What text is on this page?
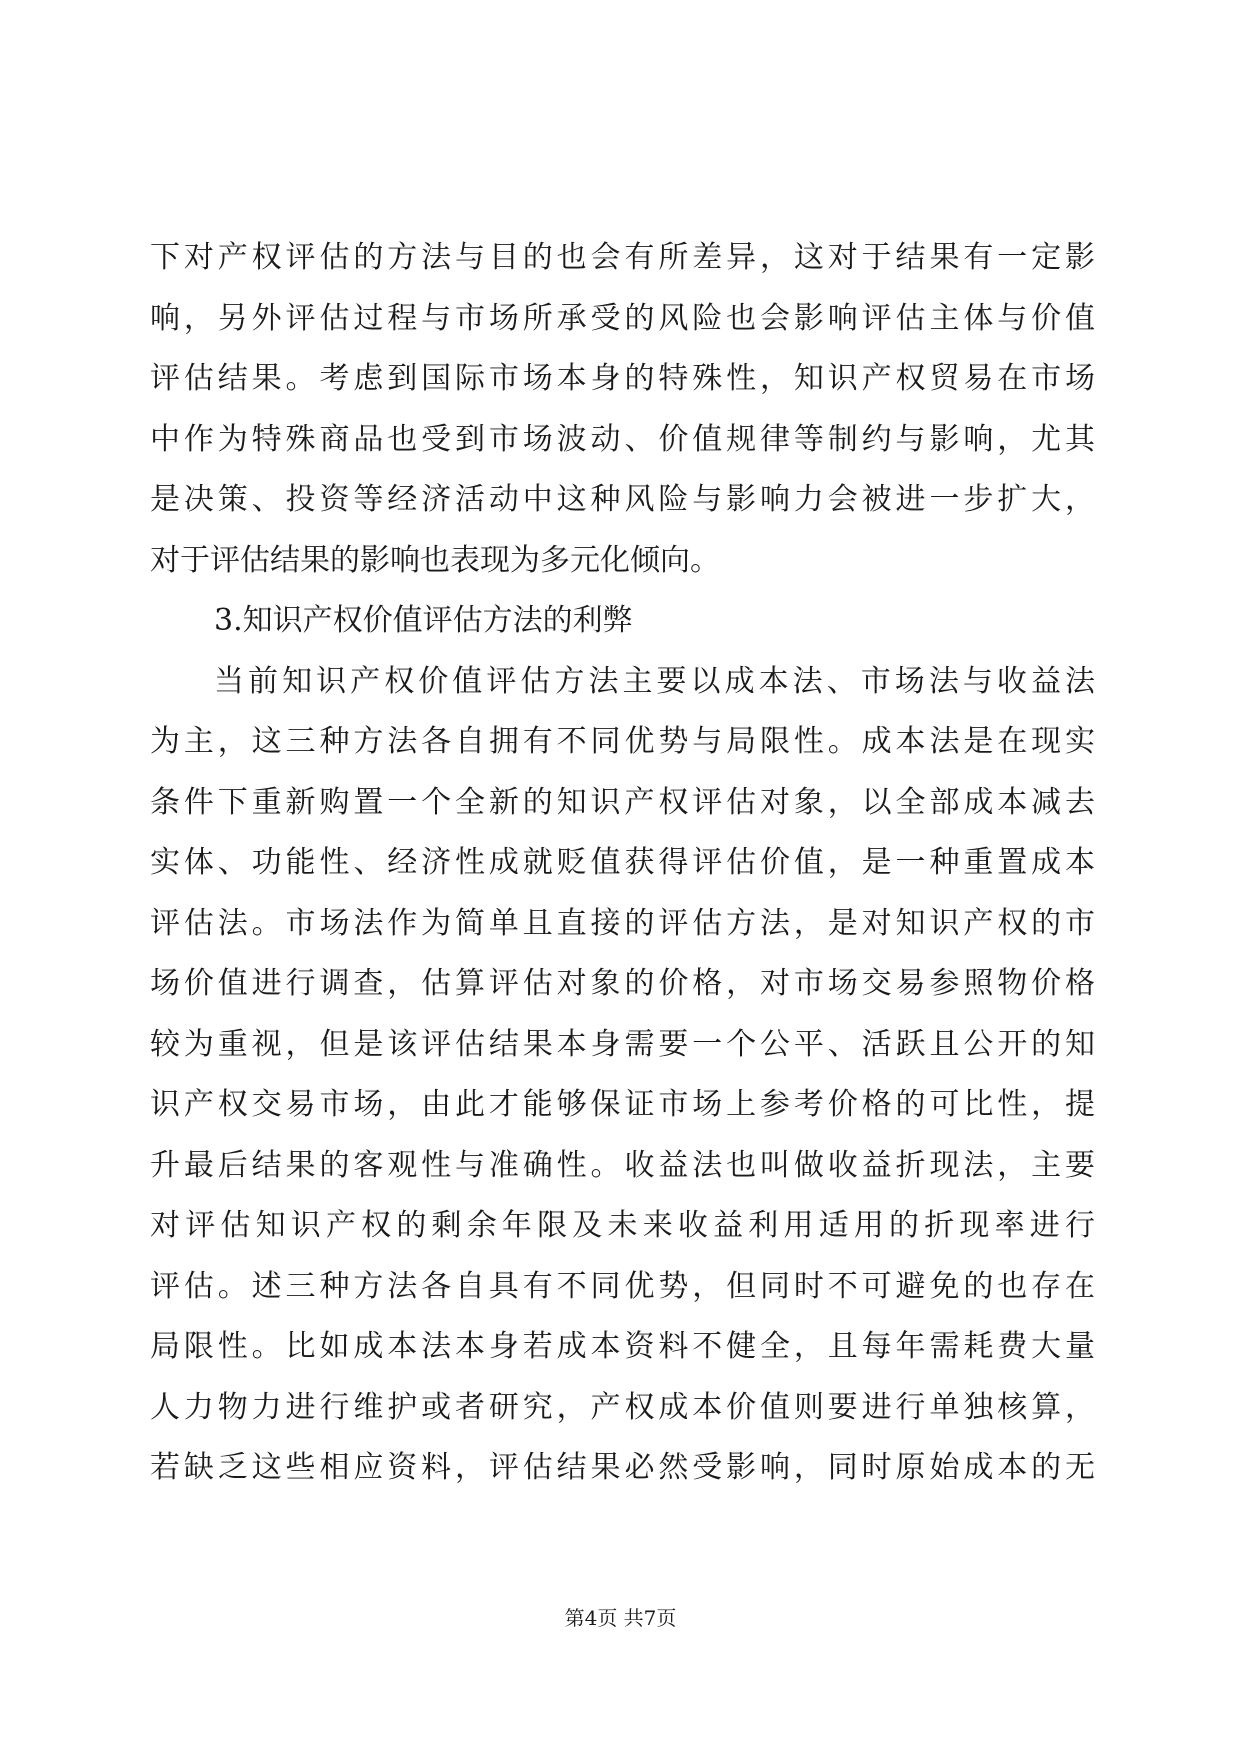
下对产权评估的方法与目的也会有所差异，这对于结果有一定影
响，另外评估过程与市场所承受的风险也会影响评估主体与价值
评估结果。考虑到国际市场本身的特殊性，知识产权贸易在市场
中作为特殊商品也受到市场波动、价值规律等制约与影响，尤其
是决策、投资等经济活动中这种风险与影响力会被进一步扩大，
对于评估结果的影响也表现为多元化倾向。
3.知识产权价值评估方法的利弊
当前知识产权价值评估方法主要以成本法、市场法与收益法
为主，这三种方法各自拥有不同优势与局限性。成本法是在现实
条件下重新购置一个全新的知识产权评估对象，以全部成本减去
实体、功能性、经济性成就贬值获得评估价值，是一种重置成本
评估法。市场法作为简单且直接的评估方法，是对知识产权的市
场价值进行调查，估算评估对象的价格，对市场交易参照物价格
较为重视，但是该评估结果本身需要一个公平、活跃且公开的知
识产权交易市场，由此才能够保证市场上参考价格的可比性，提
升最后结果的客观性与准确性。收益法也叫做收益折现法，主要
对评估知识产权的剩余年限及未来收益利用适用的折现率进行
评估。述三种方法各自具有不同优势，但同时不可避免的也存在
局限性。比如成本法本身若成本资料不健全，且每年需耗费大量
人力物力进行维护或者研究，产权成本价值则要进行单独核算，
若缺乏这些相应资料，评估结果必然受影响，同时原始成本的无
第4页 共7页
